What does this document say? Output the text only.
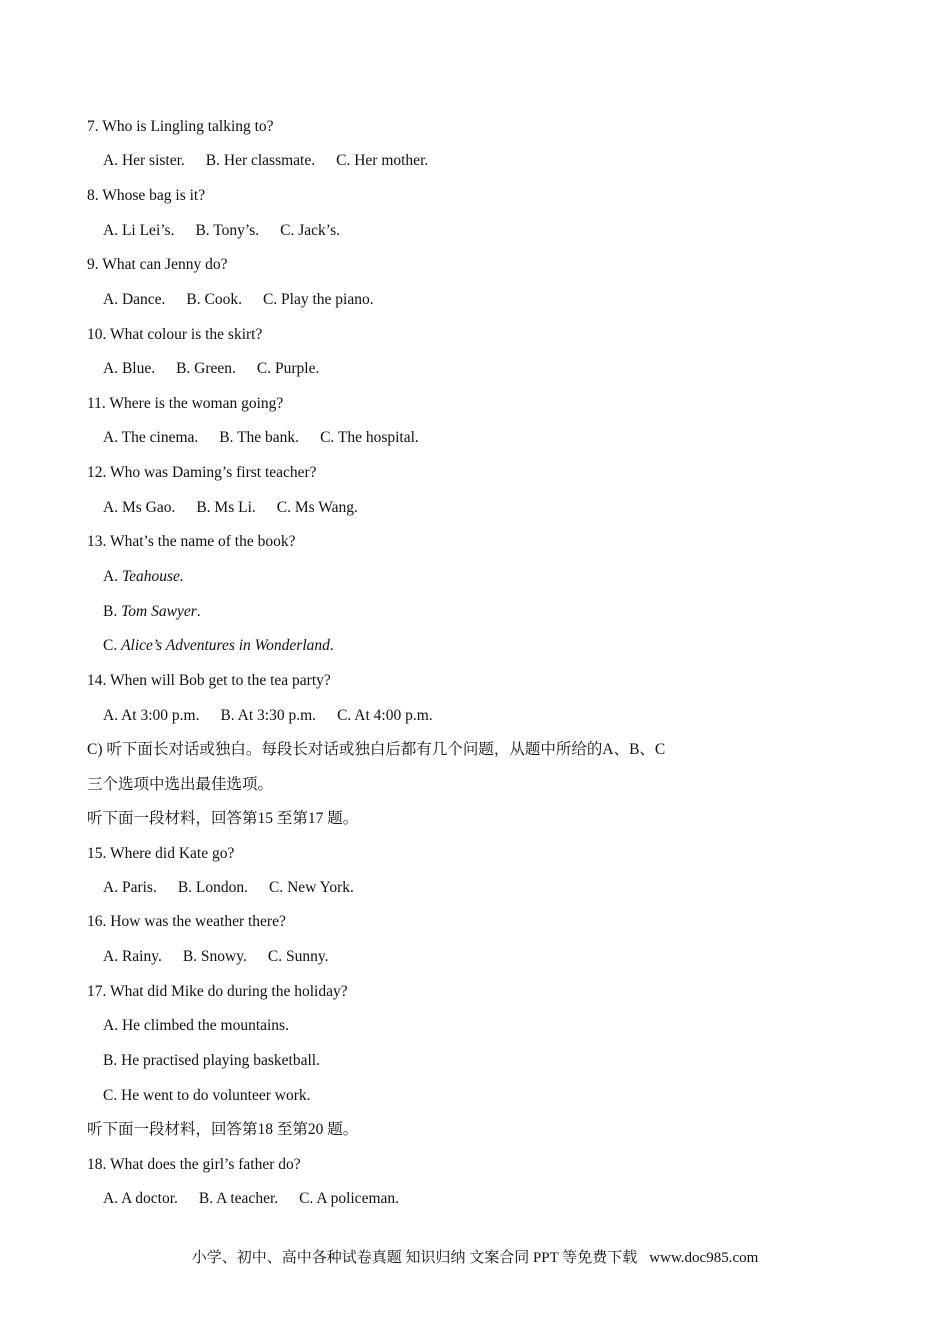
7. Who is Lingling talking to?
A. Her sister. B. Her classmate. C. Her mother.
8. Whose bag is it?
A. Li Lei’s. B. Tony’s. C. Jack’s.
9. What can Jenny do?
A. Dance. B. Cook. C. Play the piano.
10. What colour is the skirt?
A. Blue. B. Green. C. Purple.
11. Where is the woman going?
A. The cinema. B. The bank. C. The hospital.
12. Who was Daming’s first teacher?
A. Ms Gao. B. Ms Li. C. Ms Wang.
13. What’s the name of the book?
A. Teahouse.
B. Tom Sawyer.
C. Alice’s Adventures in Wonderland.
14. When will Bob get to the tea party?
A. At 3:00 p.m. B. At 3:30 p.m. C. At 4:00 p.m.
C) 听下面长对话或独白。每段长对话或独白后都有几个问题，从题中所给的A、B、C
三个选项中选出最佳选项。
听下面一段材料，回答第15 至第17 题。
15. Where did Kate go?
A. Paris. B. London. C. New York.
16. How was the weather there?
A. Rainy. B. Snowy. C. Sunny.
17. What did Mike do during the holiday?
A. He climbed the mountains.
B. He practised playing basketball.
C. He went to do volunteer work.
听下面一段材料，回答第18 至第20 题。
18. What does the girl’s father do?
A. A doctor. B. A teacher. C. A policeman.
小学、初中、高中各种试卷真题 知识归纳 文案合同 PPT 等免费下载 www.doc985.com
